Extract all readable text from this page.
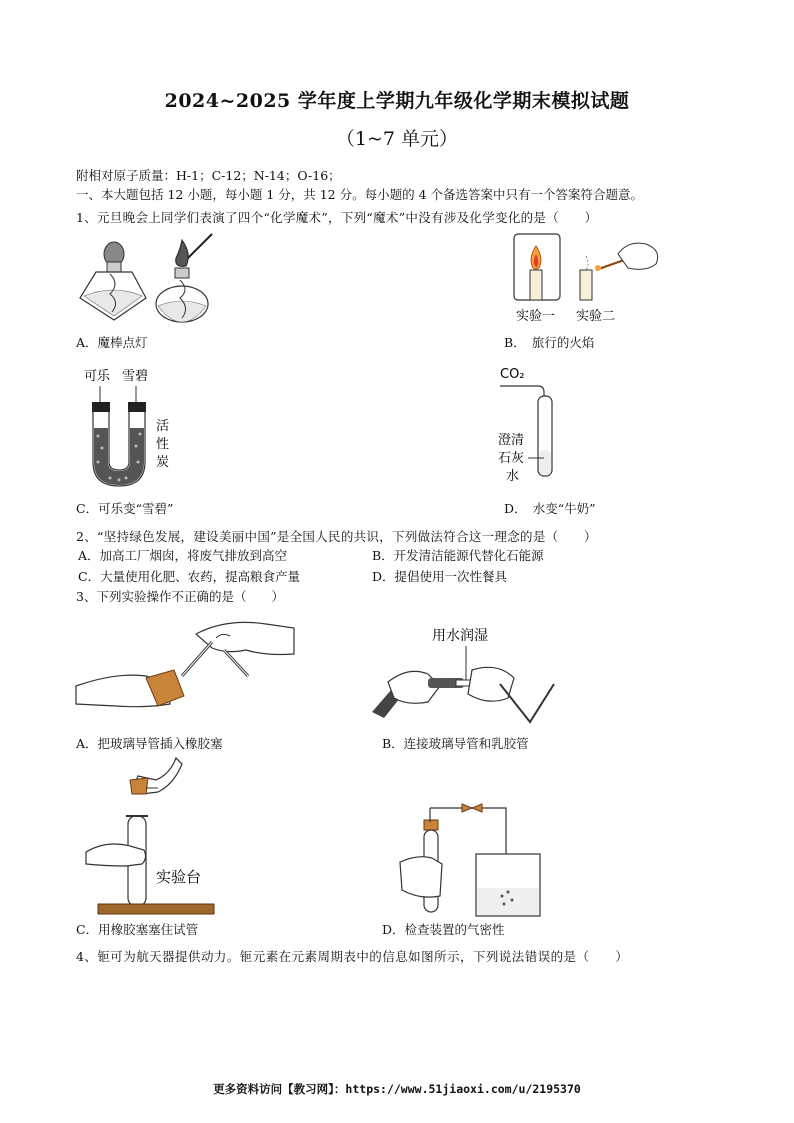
2024~2025 学年度上学期九年级化学期末模拟试题
（1~7 单元）
附相对原子质量：H-1；C-12；N-14；O-16；
一、本大题包括 12 小题，每小题 1 分，共 12 分。每小题的 4 个备选答案中只有一个答案符合题意。
1、元旦晚会上同学们表演了四个“化学魔术”，下列“魔术”中没有涉及化学变化的是（　　）
A．魔棒点灯
实验一 实验二
B．　旅行的火焰
可乐 雪碧
活
性
炭
C．可乐变“雪碧”
CO₂
澄清
石灰
水
D．　水变“牛奶”
2、“坚持绿色发展，建设美丽中国”是全国人民的共识，下列做法符合这一理念的是（　　）
A．加高工厂烟囱，将废气排放到高空	B．开发清洁能源代替化石能源
C．大量使用化肥、农药，提高粮食产量	D．提倡使用一次性餐具
3、下列实验操作不正确的是（　　）
A．把玻璃导管插入橡胶塞
用水润湿
B．连接玻璃导管和乳胶管
实验台
C．用橡胶塞塞住试管	D．检查装置的气密性
4、钷可为航天器提供动力。钷元素在元素周期表中的信息如图所示，下列说法错误的是（　　）
更多资料访问【教习网】：https://www.51jiaoxi.com/u/2195370
